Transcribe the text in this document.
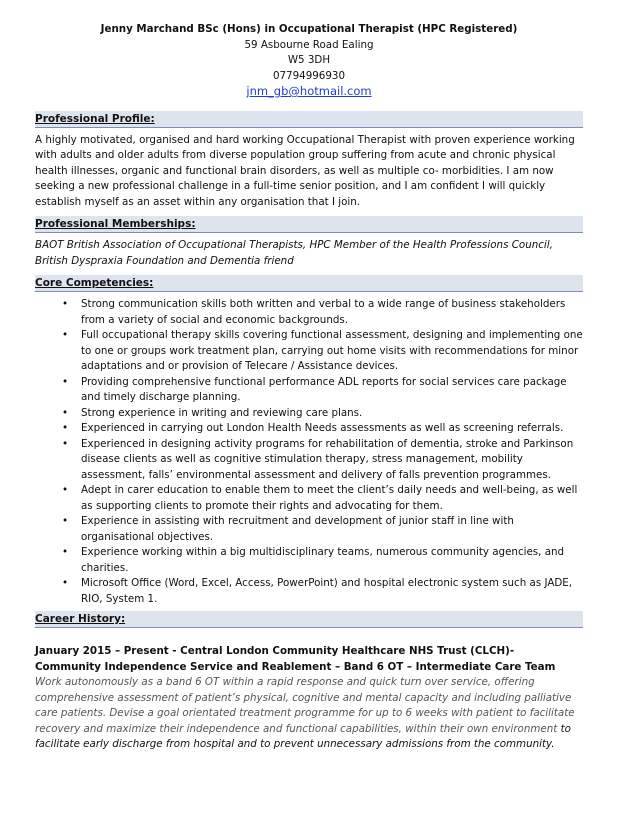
Jenny Marchand BSc (Hons) in Occupational Therapist (HPC Registered)
59 Asbourne Road Ealing
W5 3DH
07794996930
jnm_gb@hotmail.com
Professional Profile:

A highly motivated, organised and hard working Occupational Therapist with proven experience working with adults and older adults from diverse population group suffering from acute and chronic physical health illnesses, organic and functional brain disorders, as well as multiple co- morbidities. I am now seeking a new professional challenge in a full-time senior position, and I am confident I will quickly establish myself as an asset within any organisation that I join.

Professional Memberships:

BAOT British Association of Occupational Therapists, HPC Member of the Health Professions Council, British Dyspraxia Foundation and Dementia friend

Core Competencies:
• Strong communication skills both written and verbal to a wide range of business stakeholders from a variety of social and economic backgrounds.
• Full occupational therapy skills covering functional assessment, designing and implementing one to one or groups work treatment plan, carrying out home visits with recommendations for minor adaptations and or provision of Telecare / Assistance devices.
• Providing comprehensive functional performance ADL reports for social services care package and timely discharge planning.
• Strong experience in writing and reviewing care plans.
• Experienced in carrying out London Health Needs assessments as well as screening referrals.
• Experienced in designing activity programs for rehabilitation of dementia, stroke and Parkinson disease clients as well as cognitive stimulation therapy, stress management, mobility assessment, falls’ environmental assessment and delivery of falls prevention programmes.
• Adept in carer education to enable them to meet the client’s daily needs and well-being, as well as supporting clients to promote their rights and advocating for them.
• Experience in assisting with recruitment and development of junior staff in line with organisational objectives.
• Experience working within a big multidisciplinary teams, numerous community agencies, and charities.
• Microsoft Office (Word, Excel, Access, PowerPoint) and hospital electronic system such as JADE, RIO, System 1.
Career History:

January 2015 – Present - Central London Community Healthcare NHS Trust (CLCH)- Community Independence Service and Reablement – Band 6 OT – Intermediate Care Team

Work autonomously as a band 6 OT within a rapid response and quick turn over service, offering comprehensive assessment of patient’s physical, cognitive and mental capacity and including palliative care patients. Devise a goal orientated treatment programme for up to 6 weeks with patient to facilitate recovery and maximize their independence and functional capabilities, within their own environment to facilitate early discharge from hospital and to prevent unnecessary admissions from the community.
